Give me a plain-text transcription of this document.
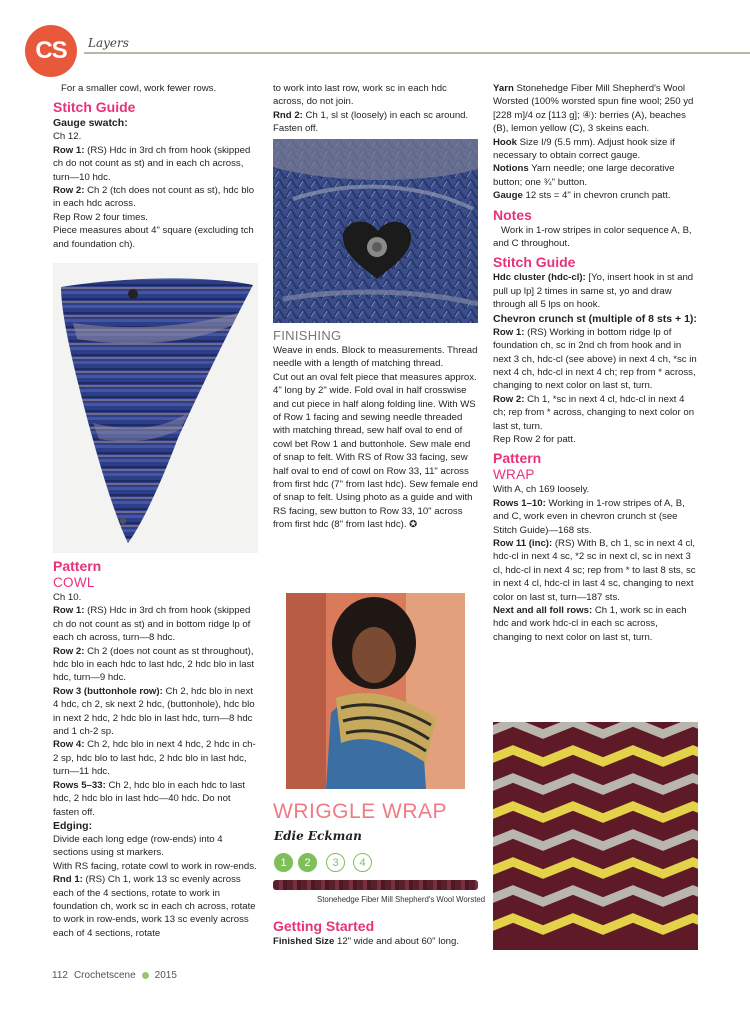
CS	Layers

For a smaller cowl, work fewer rows.

Stitch Guide

Gauge swatch:

Ch 12.

Row 1: (RS) Hdc in 3rd ch from hook (skipped ch do not count as st) and in each ch across, turn—10 hdc.

Row 2: Ch 2 (tch does not count as st), hdc blo in each hdc across.

Rep Row 2 four times.

Piece measures about 4" square (excluding tch and foundation ch).

Pattern

COWL

Ch 10.

Row 1: (RS) Hdc in 3rd ch from hook (skipped ch do not count as st) and in bottom ridge lp of each ch across, turn—8 hdc.

Row 2: Ch 2 (does not count as st throughout), hdc blo in each hdc to last hdc, 2 hdc blo in last hdc, turn—9 hdc.

Row 3 (buttonhole row): Ch 2, hdc blo in next 4 hdc, ch 2, sk next 2 hdc, (buttonhole), hdc blo in next 2 hdc, 2 hdc blo in last hdc, turn—8 hdc and 1 ch-2 sp.

Row 4: Ch 2, hdc blo in next 4 hdc, 2 hdc in ch-2 sp, hdc blo to last hdc, 2 hdc blo in last hdc, turn—11 hdc.

Rows 5–33: Ch 2, hdc blo in each hdc to last hdc, 2 hdc blo in last hdc—40 hdc. Do not fasten off.

Edging:

Divide each long edge (row-ends) into 4 sections using st markers.

With RS facing, rotate cowl to work in row-ends.

Rnd 1: (RS) Ch 1, work 13 sc evenly across each of the 4 sections, rotate to work in foundation ch, work sc in each ch across, rotate to work in row-ends, work 13 sc evenly across each of 4 sections, rotate

to work into last row, work sc in each hdc across, do not join.

Rnd 2: Ch 1, sl st (loosely) in each sc around. Fasten off.

FINISHING

Weave in ends. Block to measurements. Thread needle with a length of matching thread.

Cut out an oval felt piece that measures approx. 4" long by 2" wide. Fold oval in half crosswise and cut piece in half along folding line. With WS of Row 1 facing and sewing needle threaded with matching thread, sew half oval to end of cowl bet Row 1 and buttonhole. Sew male end of snap to felt. With RS of Row 33 facing, sew half oval to end of cowl on Row 33, 11" across from first hdc (7" from last hdc). Sew female end of snap to felt. Using photo as a guide and with RS facing, sew button to Row 33, 10" across from first hdc (8" from last hdc). ✪

WRIGGLE WRAP
Edie Eckman
1	2	3	4
Stonehedge Fiber Mill Shepherd's Wool Worsted

Getting Started

Finished Size 12" wide and about 60" long.

Yarn Stonehedge Fiber Mill Shepherd's Wool Worsted (100% worsted spun fine wool; 250 yd [228 m]/4 oz [113 g]; ④): berries (A), beaches (B), lemon yellow (C), 3 skeins each.

Hook Size I/9 (5.5 mm). Adjust hook size if necessary to obtain correct gauge.

Notions Yarn needle; one large decorative button; one ¾" button.

Gauge 12 sts = 4" in chevron crunch patt.

Notes

Work in 1-row stripes in color sequence A, B, and C throughout.

Stitch Guide

Hdc cluster (hdc-cl): [Yo, insert hook in st and pull up lp] 2 times in same st, yo and draw through all 5 lps on hook.

Chevron crunch st (multiple of 8 sts + 1):

Row 1: (RS) Working in bottom ridge lp of foundation ch, sc in 2nd ch from hook and in next 3 ch, hdc-cl (see above) in next 4 ch, *sc in next 4 ch, hdc-cl in next 4 ch; rep from * across, changing to next color on last st, turn.

Row 2: Ch 1, *sc in next 4 cl, hdc-cl in next 4 ch; rep from * across, changing to next color on last st, turn.

Rep Row 2 for patt.

Pattern

WRAP

With A, ch 169 loosely.

Rows 1–10: Working in 1-row stripes of A, B, and C, work even in chevron crunch st (see Stitch Guide)—168 sts.

Row 11 (inc): (RS) With B, ch 1, sc in next 4 cl, hdc-cl in next 4 sc, *2 sc in next cl, sc in next 3 cl, hdc-cl in next 4 sc; rep from * to last 8 sts, sc in next 4 cl, hdc-cl in last 4 sc, changing to next color on last st, turn—187 sts.

Next and all foll rows: Ch 1, work sc in each hdc and work hdc-cl in each sc across, changing to next color on last st, turn.

112 Crochetscene 2015
